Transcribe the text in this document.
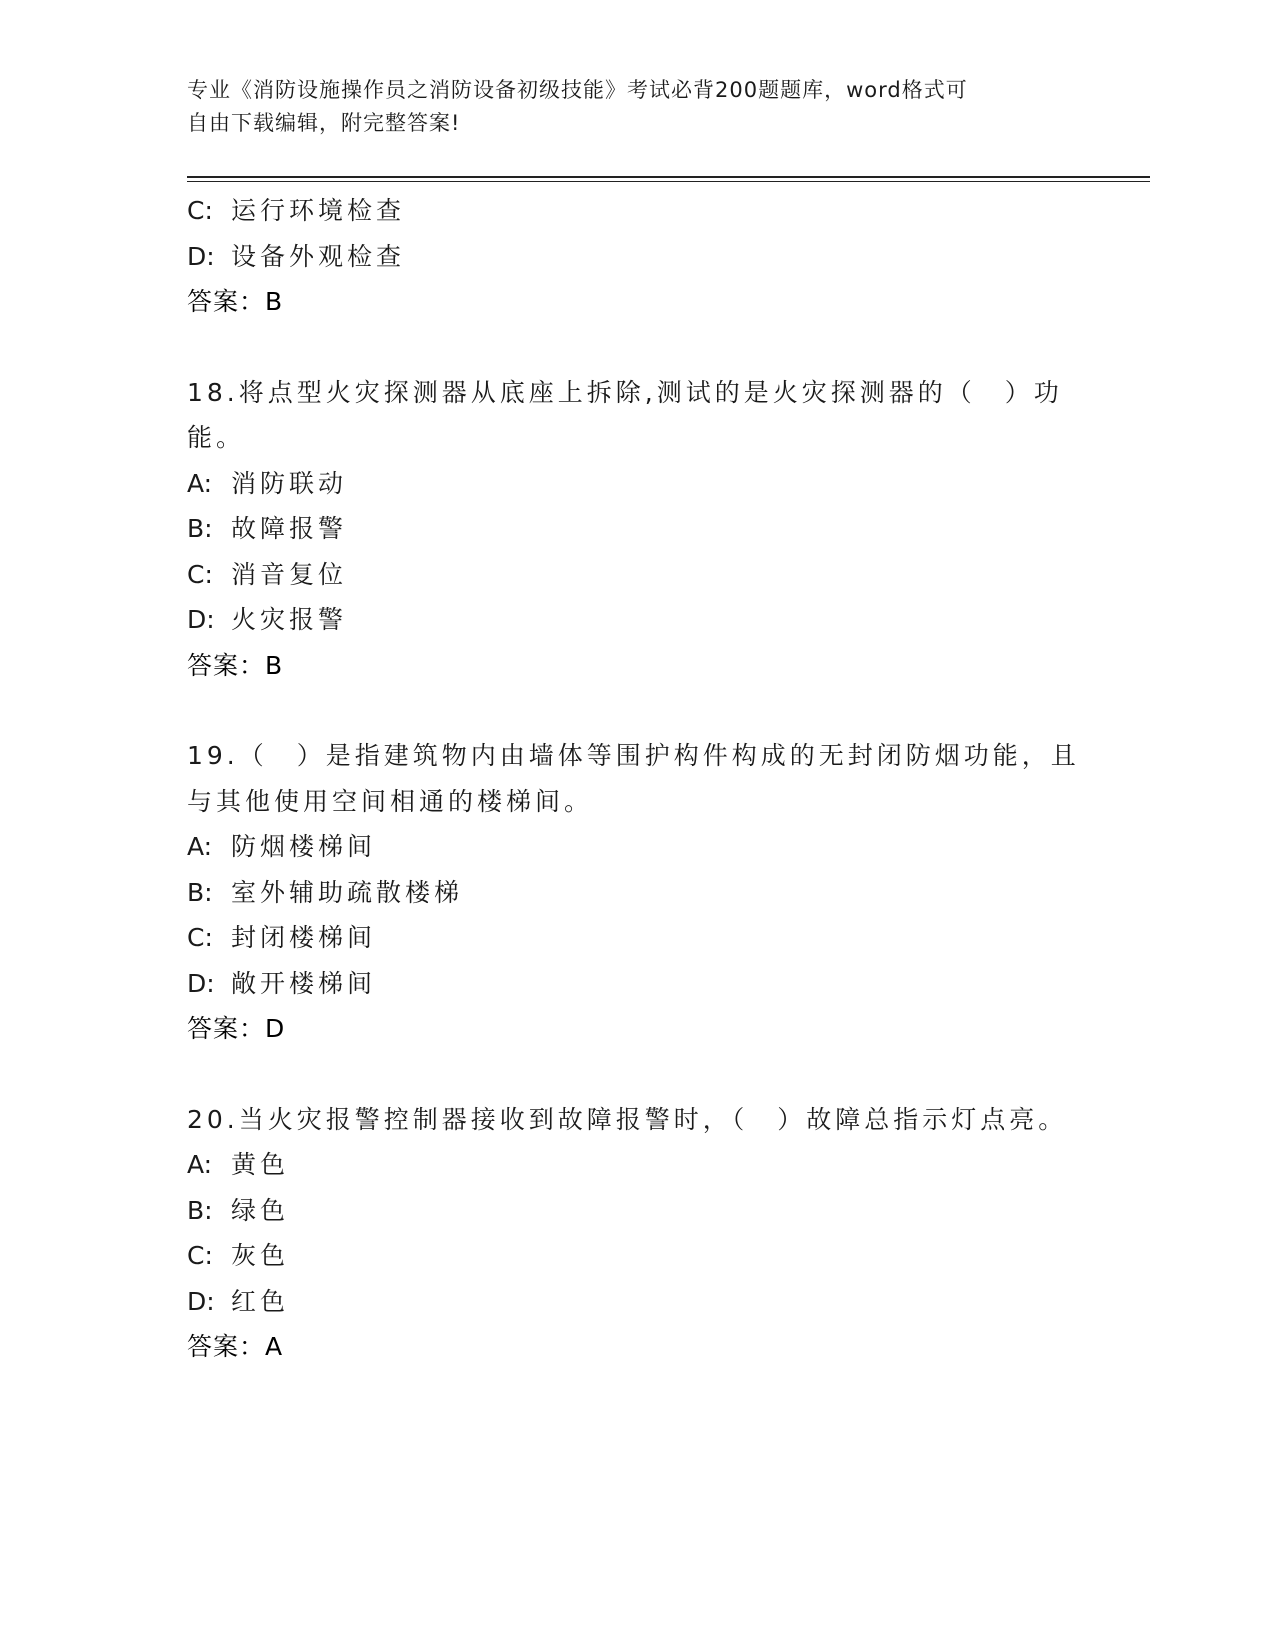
专业《消防设施操作员之消防设备初级技能》考试必背200题题库，word格式可
自由下载编辑，附完整答案!
C: 运行环境检查
D: 设备外观检查
答案：B
18.将点型火灾探测器从底座上拆除,测试的是火灾探测器的（　）功
能。
A: 消防联动
B: 故障报警
C: 消音复位
D: 火灾报警
答案：B
19.（　）是指建筑物内由墙体等围护构件构成的无封闭防烟功能，且
与其他使用空间相通的楼梯间。
A: 防烟楼梯间
B: 室外辅助疏散楼梯
C: 封闭楼梯间
D: 敞开楼梯间
答案：D
20.当火灾报警控制器接收到故障报警时，（　）故障总指示灯点亮。
A: 黄色
B: 绿色
C: 灰色
D: 红色
答案：A
